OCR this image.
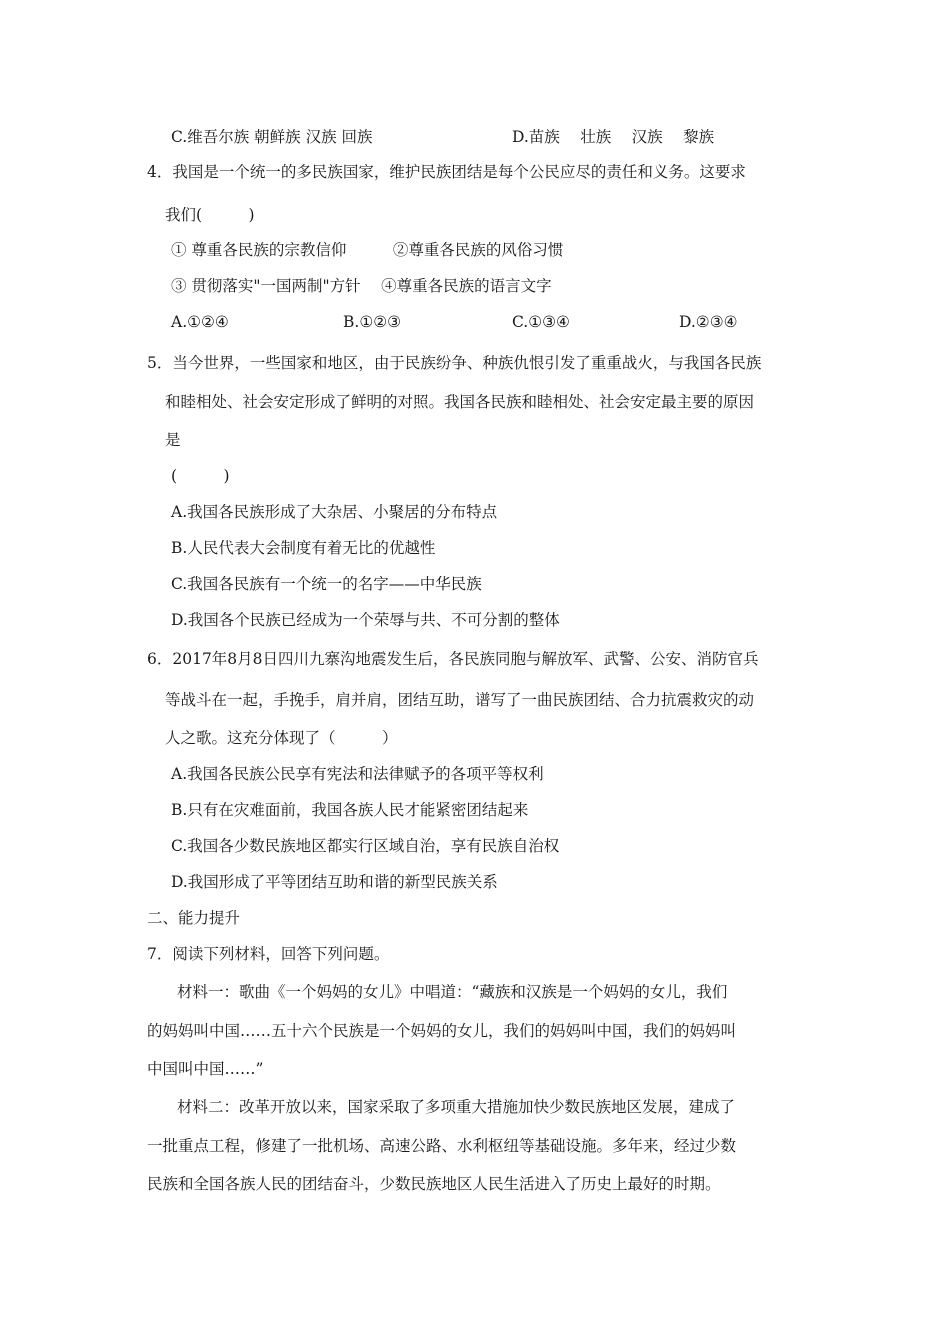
C.维吾尔族 朝鲜族 汉族 回族	D.苗族　 壮族　 汉族　 黎族
4．我国是一个统一的多民族国家，维护民族团结是每个公民应尽的责任和义务。这要求
我们(　　　)
① 尊重各民族的宗教信仰　　　②尊重各民族的风俗习惯
③ 贯彻落实"一国两制"方针　 ④尊重各民族的语言文字
A.①②④	B.①②③	C.①③④	D.②③④
5．当今世界，一些国家和地区，由于民族纷争、种族仇恨引发了重重战火，与我国各民族
和睦相处、社会安定形成了鲜明的对照。我国各民族和睦相处、社会安定最主要的原因
是
(　　　)
A.我国各民族形成了大杂居、小聚居的分布特点
B.人民代表大会制度有着无比的优越性
C.我国各民族有一个统一的名字——中华民族
D.我国各个民族已经成为一个荣辱与共、不可分割的整体
6．2017年8月8日四川九寨沟地震发生后，各民族同胞与解放军、武警、公安、消防官兵
等战斗在一起，手挽手，肩并肩，团结互助，谱写了一曲民族团结、合力抗震救灾的动
人之歌。这充分体现了（　　　）
A.我国各民族公民享有宪法和法律赋予的各项平等权利
B.只有在灾难面前，我国各族人民才能紧密团结起来
C.我国各少数民族地区都实行区域自治，享有民族自治权
D.我国形成了平等团结互助和谐的新型民族关系
二、能力提升
7．阅读下列材料，回答下列问题。
材料一：歌曲《一个妈妈的女儿》中唱道：“藏族和汉族是一个妈妈的女儿，我们
的妈妈叫中国……五十六个民族是一个妈妈的女儿，我们的妈妈叫中国，我们的妈妈叫
中国叫中国……”
材料二：改革开放以来，国家采取了多项重大措施加快少数民族地区发展，建成了
一批重点工程，修建了一批机场、高速公路、水利枢纽等基础设施。多年来，经过少数
民族和全国各族人民的团结奋斗，少数民族地区人民生活进入了历史上最好的时期。
